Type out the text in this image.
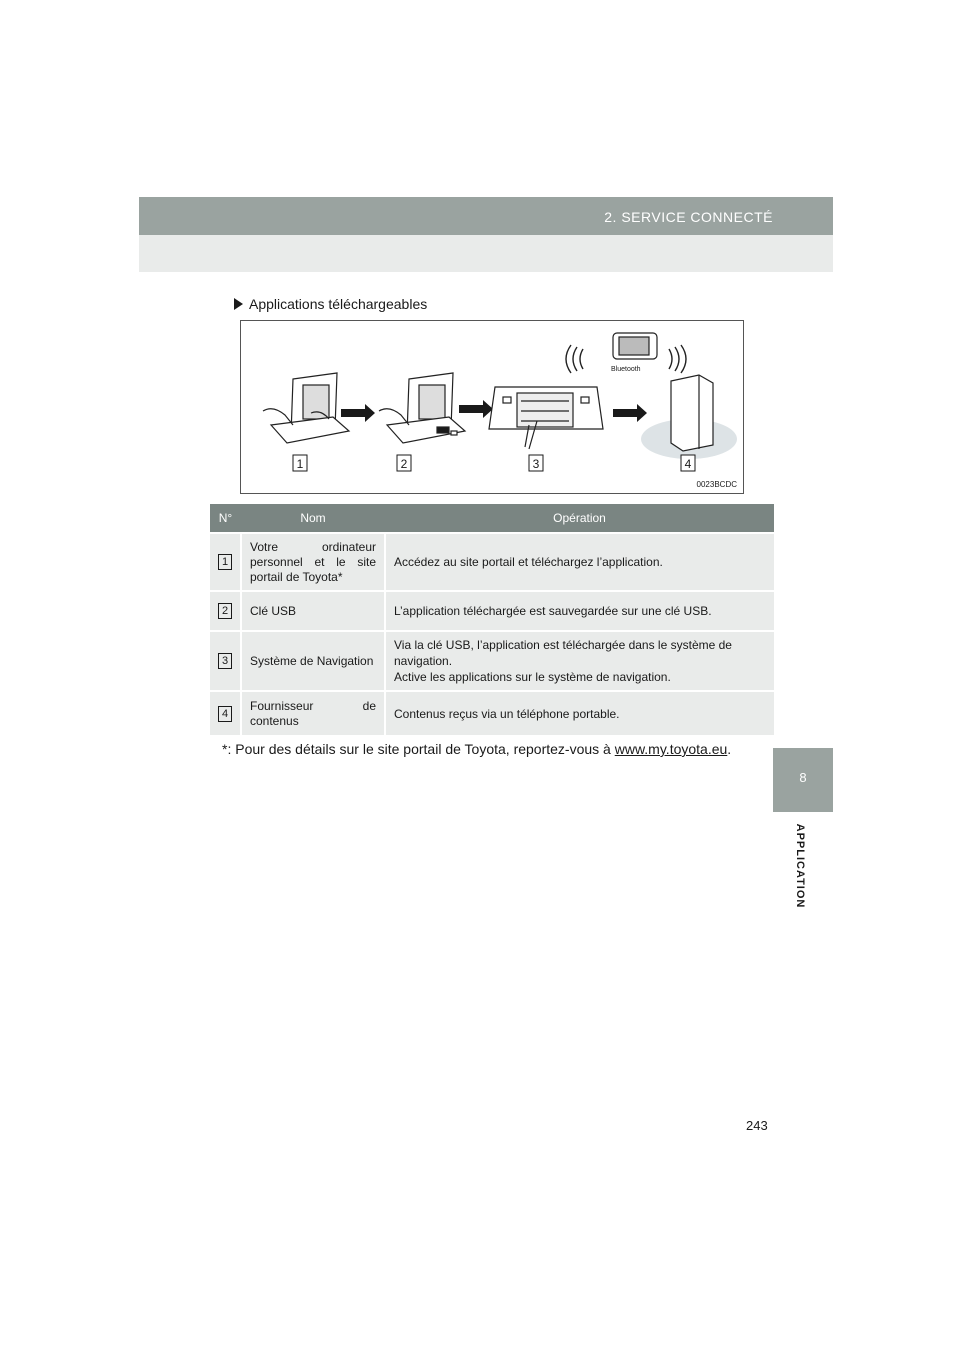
2. SERVICE CONNECTÉ
8
APPLICATION
Applications téléchargeables
Bluetooth
1	2	3	4
0023BCDC
N°	Nom	Opération
1	Votre ordinateur personnel et le site portail de Toyota*	Accédez au site portail et téléchargez l’application.
2	Clé USB	L’application téléchargée est sauvegardée sur une clé USB.
3	Système de Navigation	Via la clé USB, l’application est téléchargée dans le système de navigation.
Active les applications sur le système de navigation.

4	Fournisseur de contenus	Contenus reçus via un téléphone portable.
*: Pour des détails sur le site portail de Toyota, reportez-vous à www.my.toyota.eu.
243
